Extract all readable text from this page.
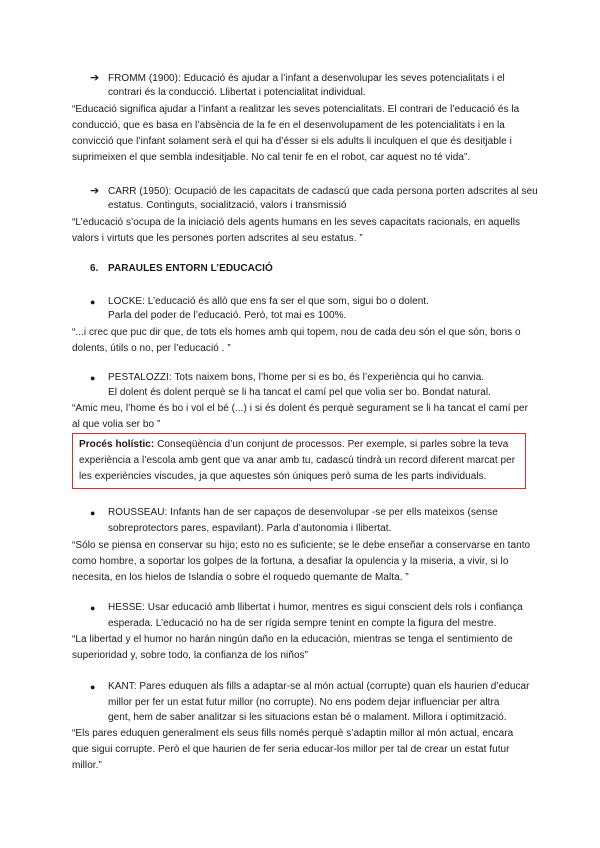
➔ FROMM (1900): Educació és ajudar a l’infant a desenvolupar les seves potencialitats i el
contrari és la conducció. Llibertat i potencialitat individual.
“Educació significa ajudar a l’infant a realitzar les seves potencialitats. El contrari de l’educació és la
conducció, que es basa en l’absència de la fe en el desenvolupament de les potencialitats i en la
convicció que l’infant solament serà el qui ha d’ésser si els adults li inculquen el que és desitjable i
suprimeixen el que sembla indesitjable. No cal tenir fe en el robot, car aquest no té vida”.
➔ CARR (1950): Ocupació de les capacitats de cadascú que cada persona porten adscrites al seu
estatus. Continguts, socialització, valors i transmissió
“L’educació s’ocupa de la iniciació dels agents humans en les seves capacitats racionals, en aquells
valors i virtuts que les persones porten adscrites al seu estatus. ”
6. PARAULES ENTORN L’EDUCACIÓ
● LOCKE: L’educació és allò que ens fa ser el que som, sigui bo o dolent.
Parla del poder de l’educació. Però, tot mai es 100%.
“...i crec que puc dir que, de tots els homes amb qui topem, nou de cada deu són el que són, bons o
dolents, útils o no, per l’educació . ”
● PESTALOZZI: Tots naixem bons, l’home per si es bo, és l’experiència qui ho canvia.
El dolent és dolent perquè se li ha tancat el camí pel que volia ser bo. Bondat natural.
“Amic meu, l’home és bo i vol el bé (...) i si és dolent és perquè segurament se li ha tancat el camí per
al que volia ser bo ”
Procés holístic: Conseqüència d’un conjunt de processos. Per exemple, si parles sobre la teva
experiència a l’escola amb gent que va anar amb tu, cadascú tindrà un record diferent marcat per
les experiències viscudes, ja que aquestes són úniques però suma de les parts individuals.
● ROUSSEAU: Infants han de ser capaços de desenvolupar -se per ells mateixos (sense
sobreprotectors pares, espavilant). Parla d’autonomia i llibertat.
“Sólo se piensa en conservar su hijo; esto no es suficiente; se le debe enseñar a conservarse en tanto
como hombre, a soportar los golpes de la fortuna, a desafiar la opulencia y la miseria, a vivir, si lo
necesita, en los hielos de Islandia o sobre el roquedo quemante de Malta. ”
● HESSE: Usar educació amb llibertat i humor, mentres es sigui conscient dels rols i confiança
esperada. L’educació no ha de ser rígida sempre tenint en compte la figura del mestre.
“La libertad y el humor no harán ningún daño en la educación, mientras se tenga el sentimiento de
superioridad y, sobre todo, la confianza de los niños”
● KANT: Pares eduquen als fills a adaptar-se al món actual (corrupte) quan els haurien d’educar
millor per fer un estat futur millor (no corrupte). No ens podem dejar influenciar per altra
gent, hem de saber analitzar si les situacions estan bé o malament. Millora i optimització.
“Els pares eduquen generalment els seus fills només perquè s’adaptin millor al món actual, encara
que sigui corrupte. Però el que haurien de fer seria educar-los millor per tal de crear un estat futur
millor.”
